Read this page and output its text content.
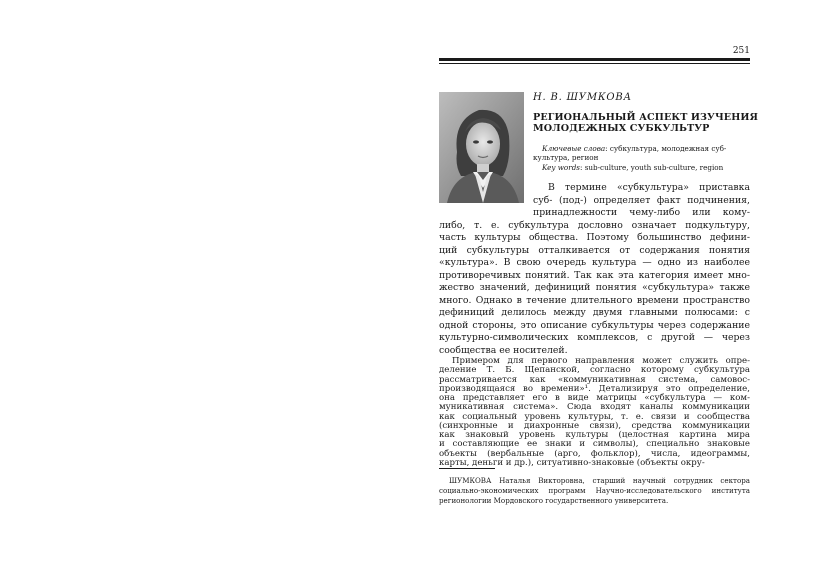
251
Н. В. ШУМКОВА
РЕГИОНАЛЬНЫЙ АСПЕКТ ИЗУЧЕНИЯ
МОЛОДЕЖНЫХ СУБКУЛЬТУР
Ключевые слова: субкультура, молодежная суб-
культура, регион
Key words: sub-culture, youth sub-culture, region
В термине «субкультура» приставка
суб- (под-) определяет факт подчинения,
принадлежности чему-либо или кому-
либо, т. е. субкультура дословно означает подкультуру,
часть культуры общества. Поэтому большинство дефини-
ций субкультуры отталкивается от содержания понятия
«культура». В свою очередь культура — одно из наиболее
противоречивых понятий. Так как эта категория имеет мно-
жество значений, дефиниций понятия «субкультура» также
много. Однако в течение длительного времени пространство
дефиниций делилось между двумя главными полюсами: с
одной стороны, это описание субкультуры через содержание
культурно-символических комплексов, с другой — через
сообщества ее носителей.
Примером для первого направления может служить опре-
деление Т. Б. Щепанской, согласно которому субкультура
рассматривается как «коммуникативная система, самовос-
производящаяся во времени»¹. Детализируя это определение,
она представляет его в виде матрицы «субкультура — ком-
муникативная система». Сюда входят каналы коммуникации
как социальный уровень культуры, т. е. связи и сообщества
(синхронные и диахронные связи), средства коммуникации
как знаковый уровень культуры (целостная картина мира
и составляющие ее знаки и символы), специально знаковые
объекты (вербальные (арго, фольклор), числа, идеограммы,
карты, деньги и др.), ситуативно-знаковые (объекты окру-
ШУМКОВА Наталья Викторовна, старший научный сотрудник сектора
социально-экономических программ Научно-исследовательского института
регионологии Мордовского государственного университета.
